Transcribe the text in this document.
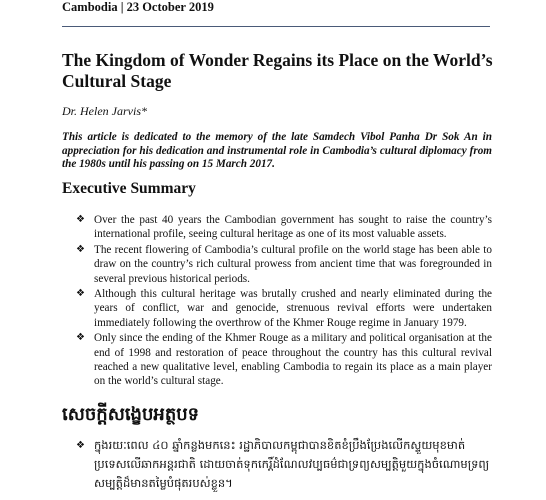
Cambodia | 23 October 2019
The Kingdom of Wonder Regains its Place on the World’s Cultural Stage
Dr. Helen Jarvis*
This article is dedicated to the memory of the late Samdech Vibol Panha Dr Sok An in appreciation for his dedication and instrumental role in Cambodia’s cultural diplomacy from the 1980s until his passing on 15 March 2017.
Executive Summary
❖ Over the past 40 years the Cambodian government has sought to raise the country’s international profile, seeing cultural heritage as one of its most valuable assets.
❖ The recent flowering of Cambodia’s cultural profile on the world stage has been able to draw on the country’s rich cultural prowess from ancient time that was foregrounded in several previous historical periods.
❖ Although this cultural heritage was brutally crushed and nearly eliminated during the years of conflict, war and genocide, strenuous revival efforts were undertaken immediately following the overthrow of the Khmer Rouge regime in January 1979.
❖ Only since the ending of the Khmer Rouge as a military and political organisation at the end of 1998 and restoration of peace throughout the country has this cultural revival reached a new qualitative level, enabling Cambodia to regain its place as a main player on the world’s cultural stage.
សេចក្តីសង្ខេបអត្ថបទ
❖ ក្នុងរយៈពេល ៤០ ឆ្នាំកន្លងមកនេះ រដ្ឋាភិបាលកម្ពុជាបានខិតខំប្រឹងប្រែងលើកស្ទួយមុខមាត់ប្រទេសលើឆាកអន្តរជាតិ ដោយចាត់ទុកកេរ្តិ៍ដំណែលវប្បធម៌ជាទ្រព្យសម្បត្តិមួយក្នុងចំណោមទ្រព្យសម្បត្តិដ៏មានតម្លៃបំផុតរបស់ខ្លួន។
